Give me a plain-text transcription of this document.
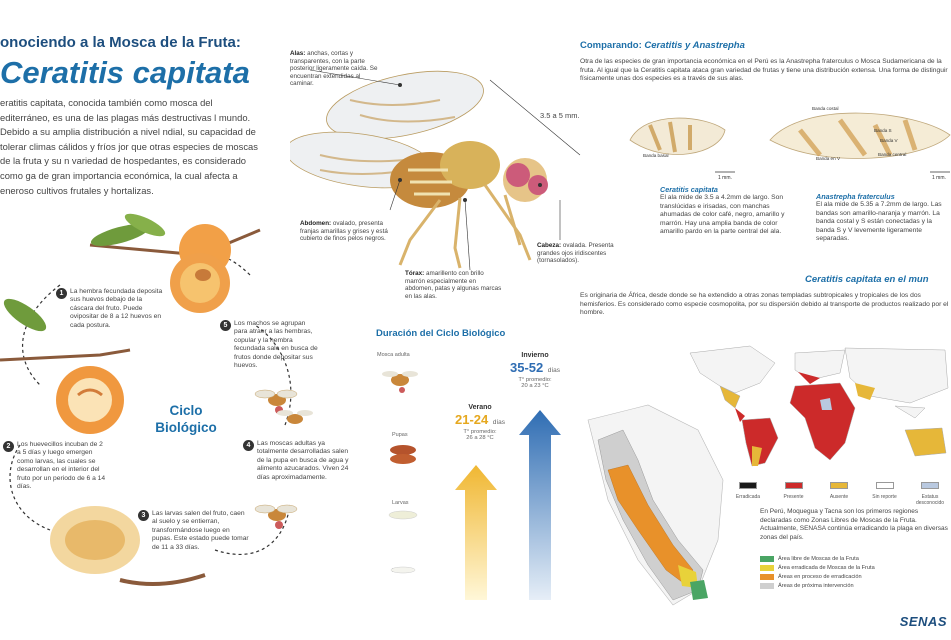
onociendo a la Mosca de la Fruta:
Ceratitis capitata
eratitis capitata, conocida también como mosca del editerráneo, es una de las plagas más destructivas l mundo. Debido a su amplia distribución a nivel ndial, su capacidad de tolerar climas cálidos y fríos jor que otras especies de moscas de la fruta y su n variedad de hospedantes, es considerado como ga de gran importancia económica, la cual afecta a eneroso cultivos frutales y hortalizas.
Ciclo Biológico
1 La hembra fecundada deposita sus huevos debajo de la cáscara del fruto. Puede ovipositar de 8 a 12 huevos en cada postura.
2 Los huevecillos incuban de 2 a 5 días y luego emergen como larvas, las cuales se desarrollan en el interior del fruto por un periodo de 6 a 14 días.
3 Las larvas salen del fruto, caen al suelo y se entierran, transformándose luego en pupas. Este estado puede tomar de 11 a 33 días.
4 Las moscas adultas ya totalmente desarrolladas salen de la pupa en busca de agua y alimento azucarados. Viven 24 días aproximadamente.
5 Los machos se agrupan para atraer a las hembras, copular y la hembra fecundada sale en busca de frutos donde depositar sus huevos.
Alas: anchas, cortas y transparentes, con la parte posterior ligeramente caída. Se encuentran extendidas al caminar.
3.5 a 5 mm.
Abdomen: ovalado, presenta franjas amarillas y grises y está cubierto de finos pelos negros.
Tórax: amarillento con brillo marrón especialmente en abdomen, patas y algunas marcas en las alas.
Cabeza: ovalada. Presenta grandes ojos iridiscentes (tornasolados).
Comparando: Ceratitis y Anastrepha
Otra de las especies de gran importancia económica en el Perú es la Anastrepha fraterculus o Mosca Sudamericana de la fruta. Al igual que la Ceratitis capitata ataca gran variedad de frutas y tiene una distribución extensa. Una forma de distinguir físicamente unas dos especies es a través de sus alas.
Banda basal
Banda costal
Banda S
Banda V
Banda central
Banda en V
1 mm.	1 mm.
Ceratitis capitata
El ala mide de 3.5 a 4.2mm de largo. Son translúcidas e irisadas, con manchas ahumadas de color café, negro, amarillo y marrón. Hay una amplia banda de color amarillo pardo en la parte central del ala.
Anastrepha fraterculus
El ala mide de 5.35 a 7.2mm de largo. Las bandas son amarillo-naranja y marrón. La banda costal y S están conectadas y la banda S y V levemente ligeramente separadas.
Duración del Ciclo Biológico
Mosca adulta
Pupas
Larvas
Verano
21-24 días
T° promedio:
26 a 28 °C
Invierno
35-52 días
T° promedio:
20 a 23 °C
Ceratitis capitata en el mun
Es originaria de África, desde donde se ha extendido a otras zonas templadas subtropicales y tropicales de los dos hemisferios. Es considerado como especie cosmopolita, por su dispersión debido al transporte de productos realizado por el hombre.
Erradicada	Presente	Ausente	Sin reporte	Estatus desconocido
En Perú, Moquegua y Tacna son los primeros regiones declaradas como Zonas Libres de Moscas de la Fruta. Actualmente, SENASA continúa erradicando la plaga en diversas zonas del país.
Área libre de Moscas de la Fruta
Área erradicada de Moscas de la Fruta
Áreas en proceso de erradicación
Áreas de próxima intervención
SENAS
